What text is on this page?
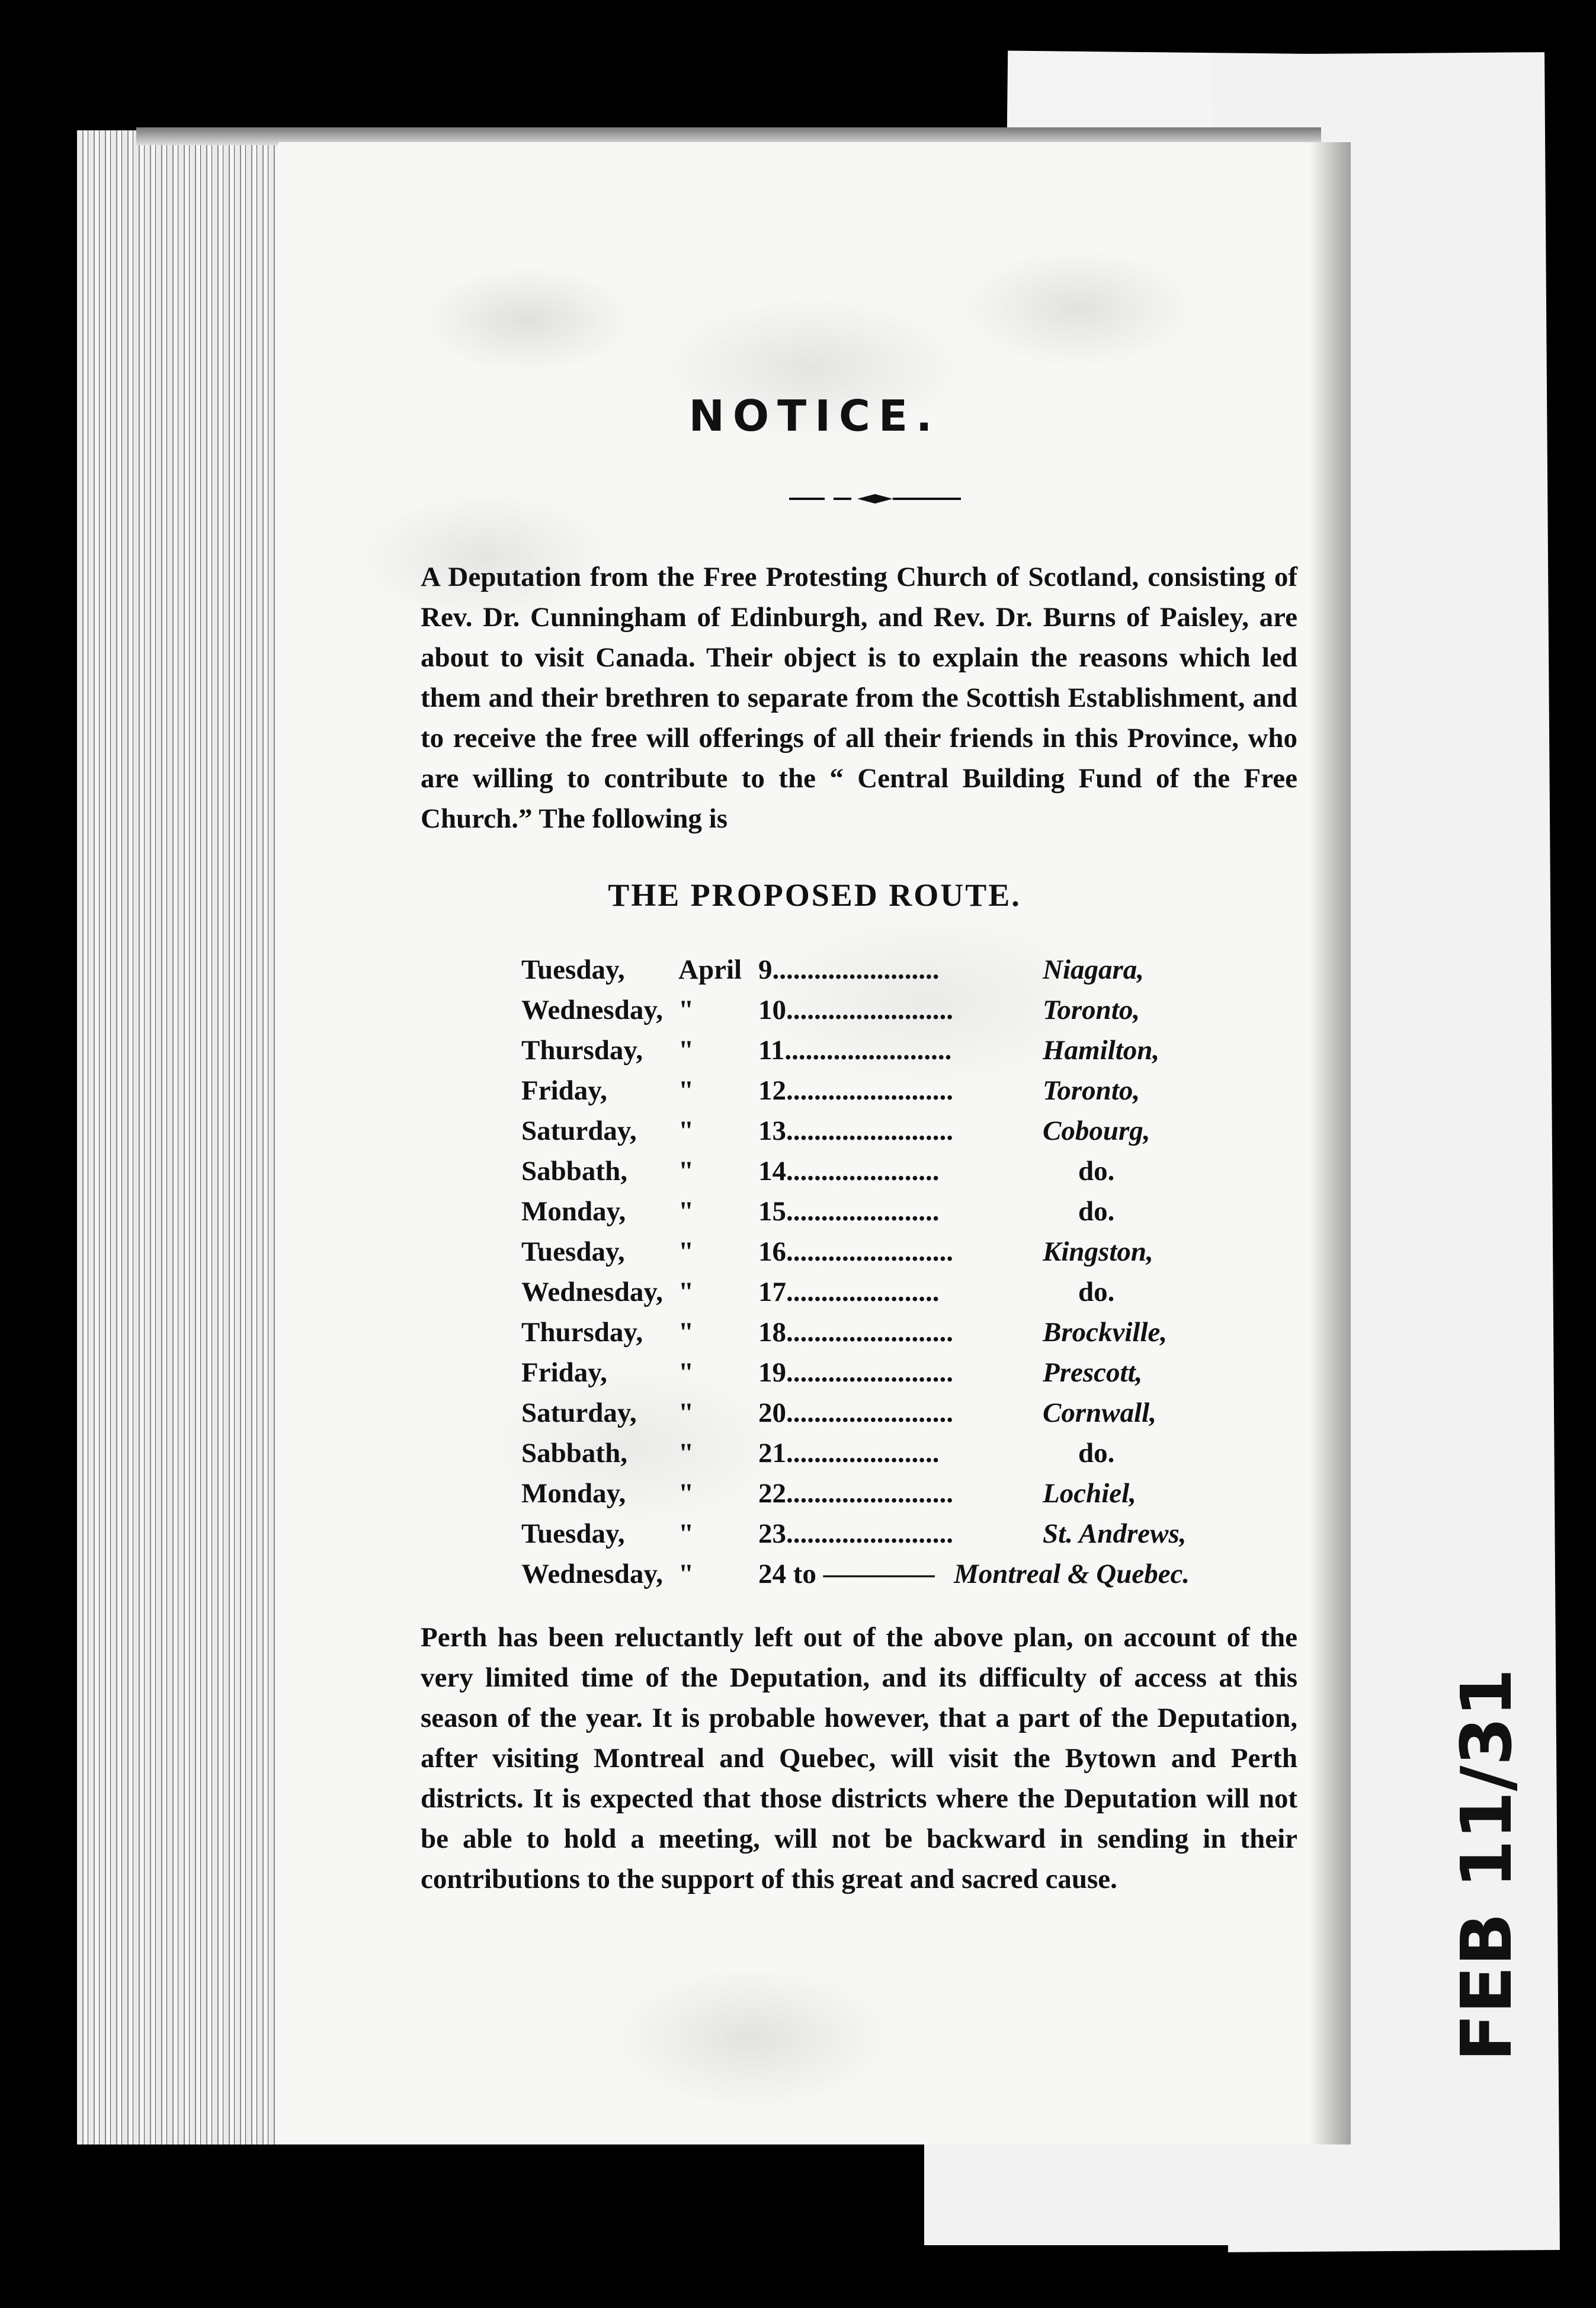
NOTICE.
A Deputation from the Free Protesting Church of Scotland, consisting of Rev. Dr. Cunningham of Edinburgh, and Rev. Dr. Burns of Paisley, are about to visit Canada. Their object is to explain the reasons which led them and their brethren to separate from the Scottish Establishment, and to receive the free will offerings of all their friends in this Province, who are willing to contribute to the “ Central Building Fund of the Free Church.” The following is
THE PROPOSED ROUTE.
Tuesday, April 9........................	Niagara,
Wednesday, " 10........................	Toronto,
Thursday, " 11........................	Hamilton,
Friday,	" 12........................	Toronto,
Saturday, " 13........................	Cobourg,
Sabbath, " 14......................	do.
Monday, " 15......................	do.
Tuesday, " 16........................	Kingston,
Wednesday, " 17......................	do.
Thursday, " 18........................	Brockville,
Friday,	" 19........................	Prescott,
Saturday, " 20........................	Cornwall,
Sabbath, " 21......................	do.
Monday, " 22........................	Lochiel,
Tuesday, " 23........................	St. Andrews,
Wednesday, " 24 to ———— Montreal & Quebec.
Perth has been reluctantly left out of the above plan, on account of the very limited time of the Deputation, and its difficulty of access at this season of the year. It is probable however, that a part of the Deputation, after visiting Montreal and Quebec, will visit the Bytown and Perth districts. It is expected that those districts where the Deputation will not be able to hold a meeting, will not be backward in sending in their contributions to the support of this great and sacred cause.	FEB 11/31
